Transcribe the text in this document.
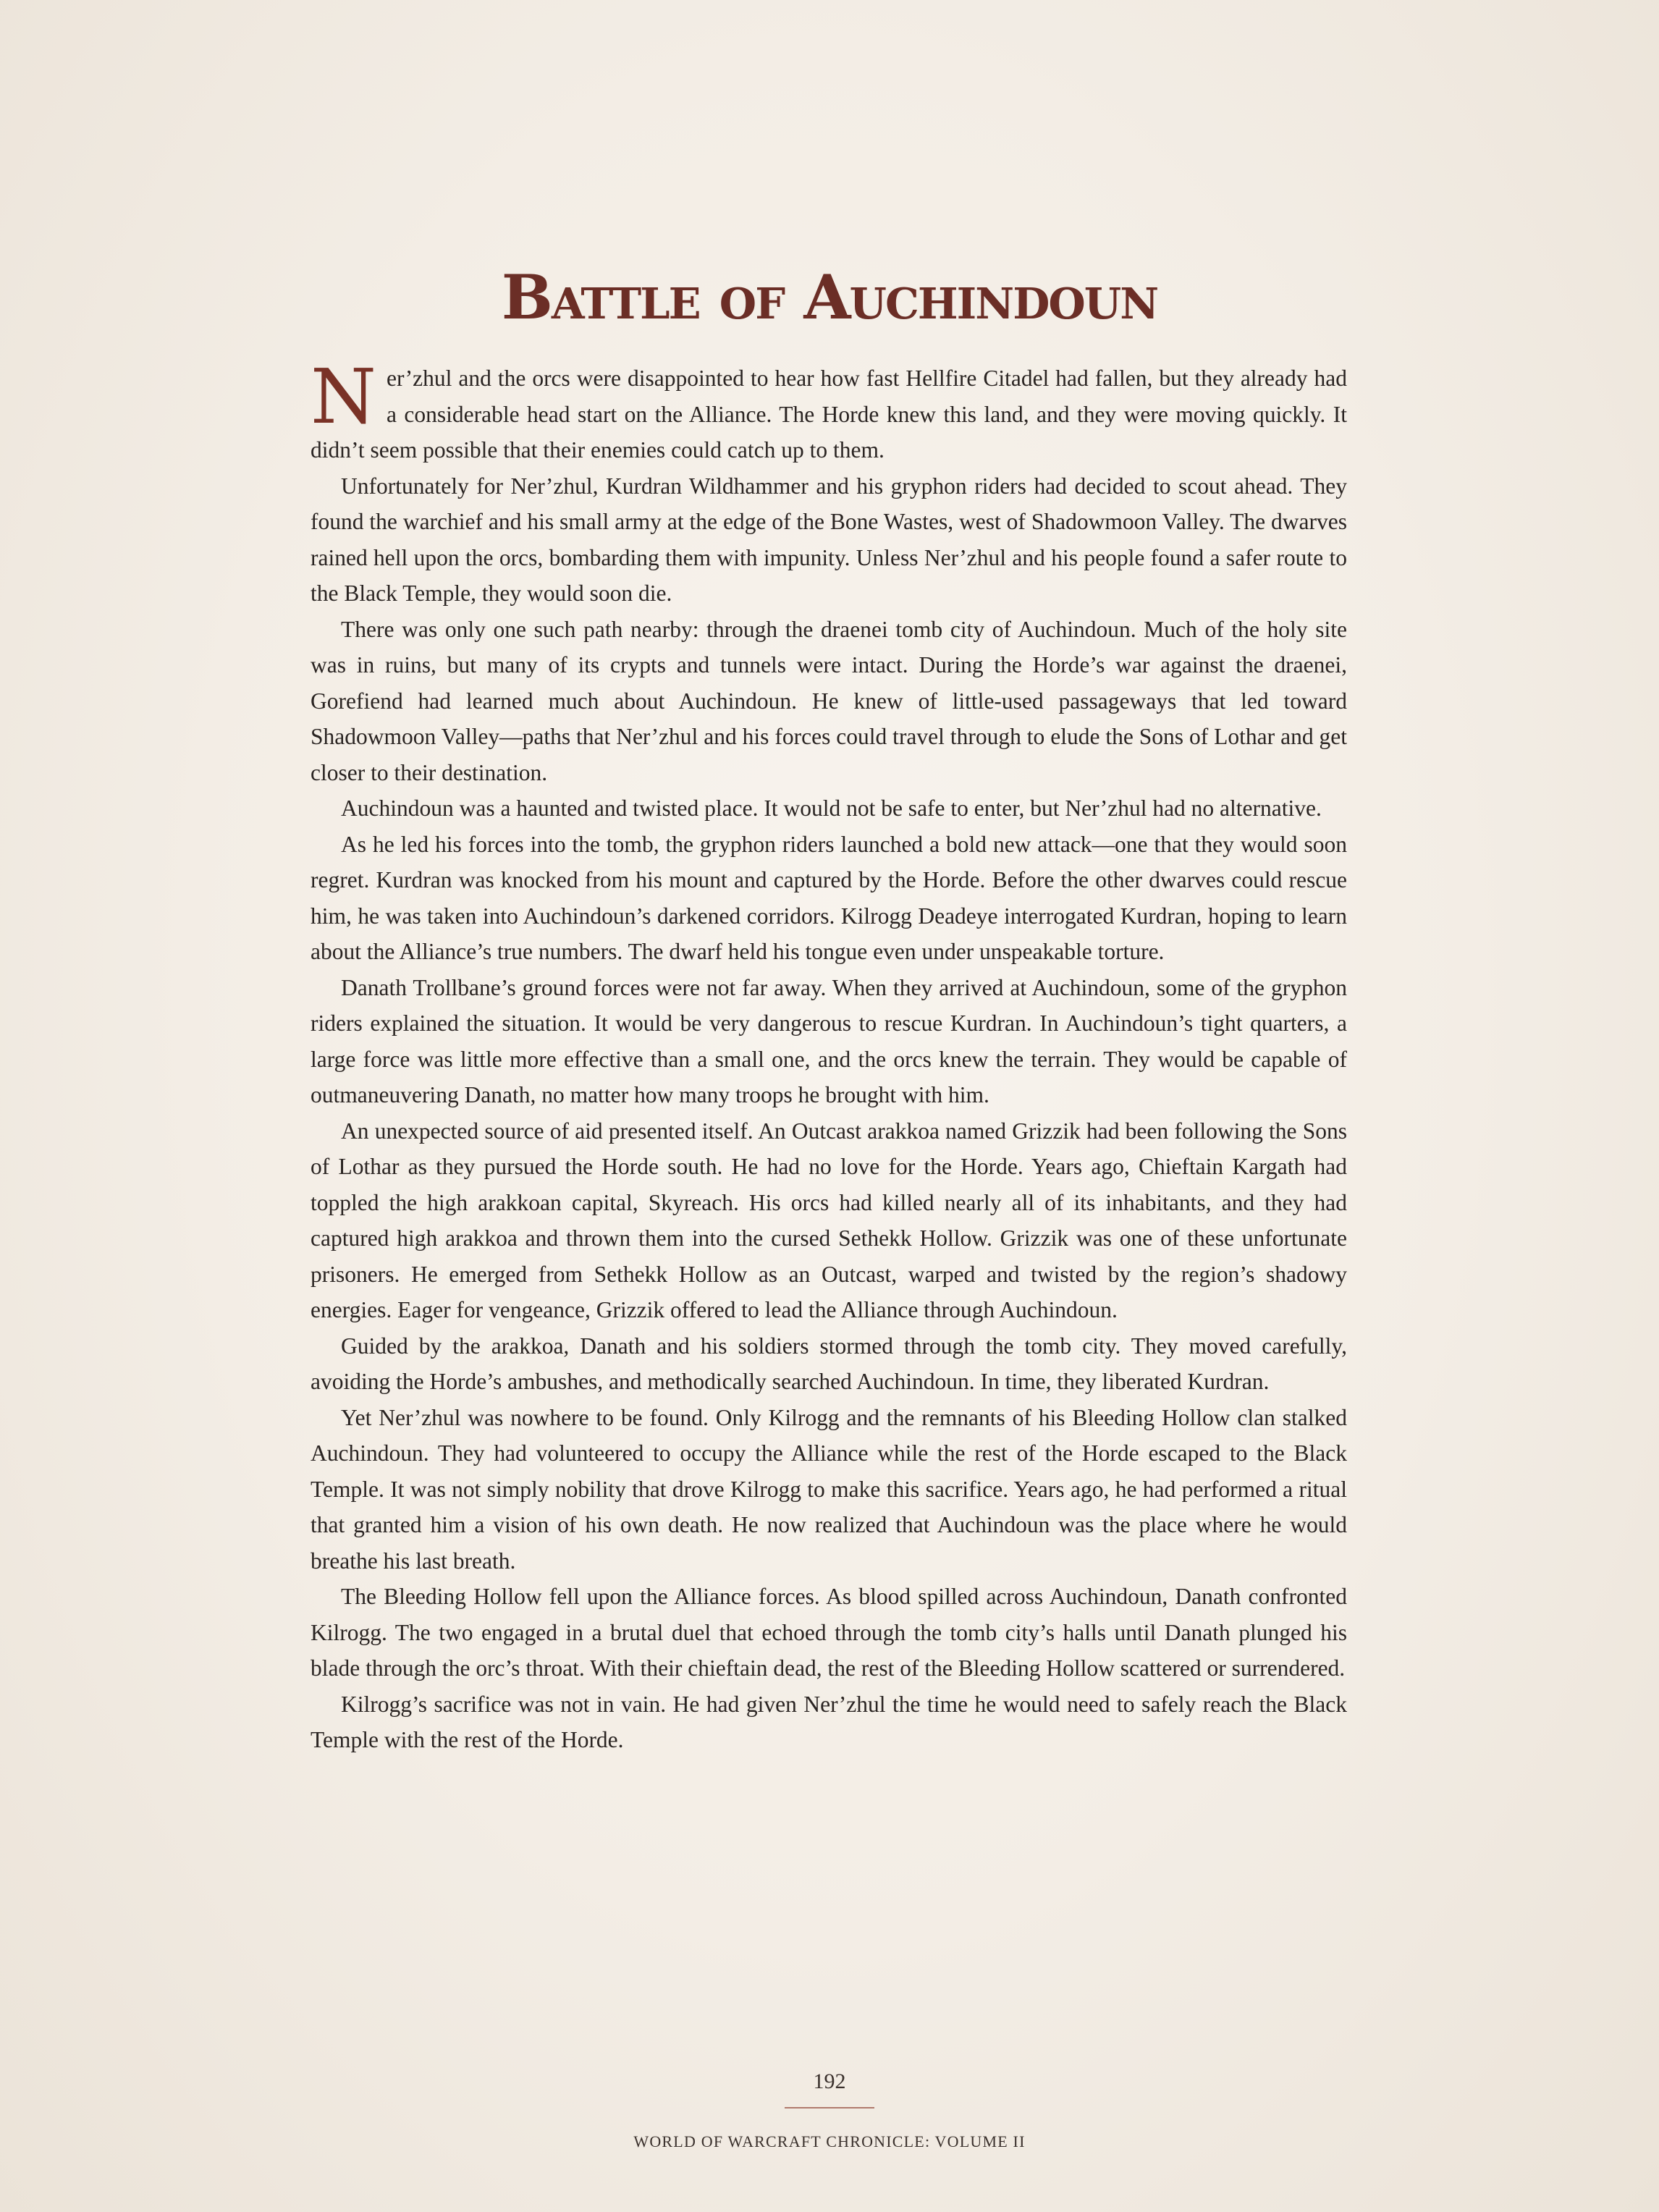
Battle of Auchindoun

Ner’zhul and the orcs were disappointed to hear how fast Hellfire Citadel had fallen, but they already had a considerable head start on the Alliance. The Horde knew this land, and they were moving quickly. It didn’t seem possible that their enemies could catch up to them.

Unfortunately for Ner’zhul, Kurdran Wildhammer and his gryphon riders had decided to scout ahead. They found the warchief and his small army at the edge of the Bone Wastes, west of Shadowmoon Valley. The dwarves rained hell upon the orcs, bombarding them with impunity. Unless Ner’zhul and his people found a safer route to the Black Temple, they would soon die.

There was only one such path nearby: through the draenei tomb city of Auchindoun. Much of the holy site was in ruins, but many of its crypts and tunnels were intact. During the Horde’s war against the draenei, Gorefiend had learned much about Auchindoun. He knew of little-used passageways that led toward Shadowmoon Valley—paths that Ner’zhul and his forces could travel through to elude the Sons of Lothar and get closer to their destination.

Auchindoun was a haunted and twisted place. It would not be safe to enter, but Ner’zhul had no alternative.

As he led his forces into the tomb, the gryphon riders launched a bold new attack—one that they would soon regret. Kurdran was knocked from his mount and captured by the Horde. Before the other dwarves could rescue him, he was taken into Auchindoun’s darkened corridors. Kilrogg Deadeye interrogated Kurdran, hoping to learn about the Alliance’s true numbers. The dwarf held his tongue even under unspeakable torture.

Danath Trollbane’s ground forces were not far away. When they arrived at Auchindoun, some of the gryphon riders explained the situation. It would be very dangerous to rescue Kurdran. In Auchindoun’s tight quarters, a large force was little more effective than a small one, and the orcs knew the terrain. They would be capable of outmaneuvering Danath, no matter how many troops he brought with him.

An unexpected source of aid presented itself. An Outcast arakkoa named Grizzik had been following the Sons of Lothar as they pursued the Horde south. He had no love for the Horde. Years ago, Chieftain Kargath had toppled the high arakkoan capital, Skyreach. His orcs had killed nearly all of its inhabitants, and they had captured high arakkoa and thrown them into the cursed Sethekk Hollow. Grizzik was one of these unfortunate prisoners. He emerged from Sethekk Hollow as an Outcast, warped and twisted by the region’s shadowy energies. Eager for vengeance, Grizzik offered to lead the Alliance through Auchindoun.

Guided by the arakkoa, Danath and his soldiers stormed through the tomb city. They moved carefully, avoiding the Horde’s ambushes, and methodically searched Auchindoun. In time, they liberated Kurdran.

Yet Ner’zhul was nowhere to be found. Only Kilrogg and the remnants of his Bleeding Hollow clan stalked Auchindoun. They had volunteered to occupy the Alliance while the rest of the Horde escaped to the Black Temple. It was not simply nobility that drove Kilrogg to make this sacrifice. Years ago, he had performed a ritual that granted him a vision of his own death. He now realized that Auchindoun was the place where he would breathe his last breath.

The Bleeding Hollow fell upon the Alliance forces. As blood spilled across Auchindoun, Danath confronted Kilrogg. The two engaged in a brutal duel that echoed through the tomb city’s halls until Danath plunged his blade through the orc’s throat. With their chieftain dead, the rest of the Bleeding Hollow scattered or surrendered.

Kilrogg’s sacrifice was not in vain. He had given Ner’zhul the time he would need to safely reach the Black Temple with the rest of the Horde.

192
WORLD OF WARCRAFT CHRONICLE: VOLUME II
